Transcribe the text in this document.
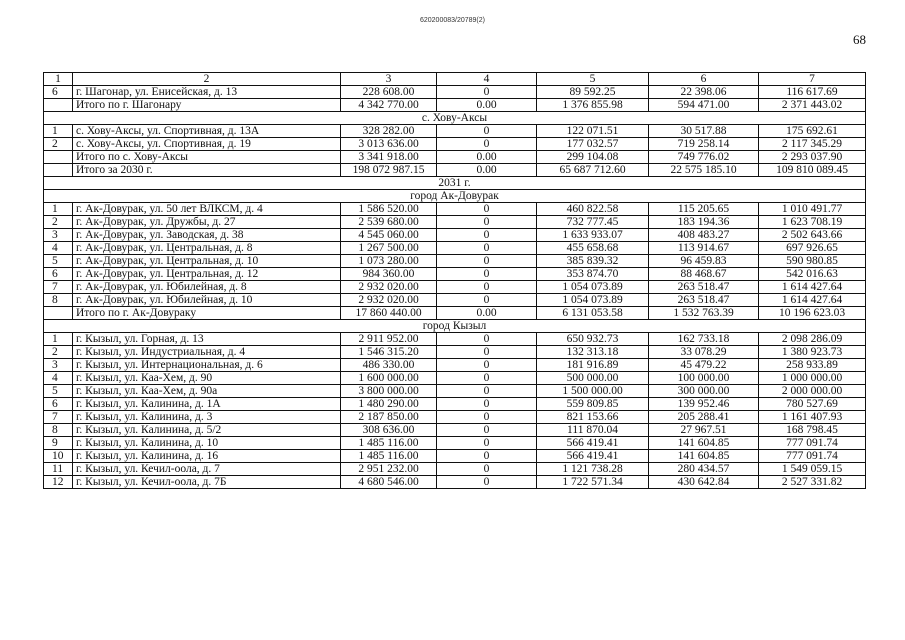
620200083/20789(2)
68
1	2	3	4	5	6	7
6	г. Шагонар, ул. Енисейская, д. 13	228 608.00	0	89 592.25	22 398.06	116 617.69
	Итого по г. Шагонару	4 342 770.00	0.00	1 376 855.98	594 471.00	2 371 443.02
с. Хову-Аксы						
1	с. Хову-Аксы, ул. Спортивная, д. 13А	328 282.00	0	122 071.51	30 517.88	175 692.61
2	с. Хову-Аксы, ул. Спортивная, д. 19	3 013 636.00	0	177 032.57	719 258.14	2 117 345.29
	Итого по с. Хову-Аксы	3 341 918.00	0.00	299 104.08	749 776.02	2 293 037.90
	Итого за 2030 г.	198 072 987.15	0.00	65 687 712.60	22 575 185.10	109 810 089.45
2031 г.						
город Ак-Довурак						
1	г. Ак-Довурак, ул. 50 лет ВЛКСМ, д. 4	1 586 520.00	0	460 822.58	115 205.65	1 010 491.77
2	г. Ак-Довурак, ул. Дружбы, д. 27	2 539 680.00	0	732 777.45	183 194.36	1 623 708.19
3	г. Ак-Довурак, ул. Заводская, д. 38	4 545 060.00	0	1 633 933.07	408 483.27	2 502 643.66
4	г. Ак-Довурак, ул. Центральная, д. 8	1 267 500.00	0	455 658.68	113 914.67	697 926.65
5	г. Ак-Довурак, ул. Центральная, д. 10	1 073 280.00	0	385 839.32	96 459.83	590 980.85
6	г. Ак-Довурак, ул. Центральная, д. 12	984 360.00	0	353 874.70	88 468.67	542 016.63
7	г. Ак-Довурак, ул. Юбилейная, д. 8	2 932 020.00	0	1 054 073.89	263 518.47	1 614 427.64
8	г. Ак-Довурак, ул. Юбилейная, д. 10	2 932 020.00	0	1 054 073.89	263 518.47	1 614 427.64
	Итого по г. Ак-Довураку	17 860 440.00	0.00	6 131 053.58	1 532 763.39	10 196 623.03
город Кызыл						
1	г. Кызыл, ул. Горная, д. 13	2 911 952.00	0	650 932.73	162 733.18	2 098 286.09
2	г. Кызыл, ул. Индустриальная, д. 4	1 546 315.20	0	132 313.18	33 078.29	1 380 923.73
3	г. Кызыл, ул. Интернациональная, д. 6	486 330.00	0	181 916.89	45 479.22	258 933.89
4	г. Кызыл, ул. Каа-Хем, д. 90	1 600 000.00	0	500 000.00	100 000.00	1 000 000.00
5	г. Кызыл, ул. Каа-Хем, д. 90а	3 800 000.00	0	1 500 000.00	300 000.00	2 000 000.00
6	г. Кызыл, ул. Калинина, д. 1А	1 480 290.00	0	559 809.85	139 952.46	780 527.69
7	г. Кызыл, ул. Калинина, д. 3	2 187 850.00	0	821 153.66	205 288.41	1 161 407.93
8	г. Кызыл, ул. Калинина, д. 5/2	308 636.00	0	111 870.04	27 967.51	168 798.45
9	г. Кызыл, ул. Калинина, д. 10	1 485 116.00	0	566 419.41	141 604.85	777 091.74
10	г. Кызыл, ул. Калинина, д. 16	1 485 116.00	0	566 419.41	141 604.85	777 091.74
11	г. Кызыл, ул. Кечил-оола, д. 7	2 951 232.00	0	1 121 738.28	280 434.57	1 549 059.15
12	г. Кызыл, ул. Кечил-оола, д. 7Б	4 680 546.00	0	1 722 571.34	430 642.84	2 527 331.82
